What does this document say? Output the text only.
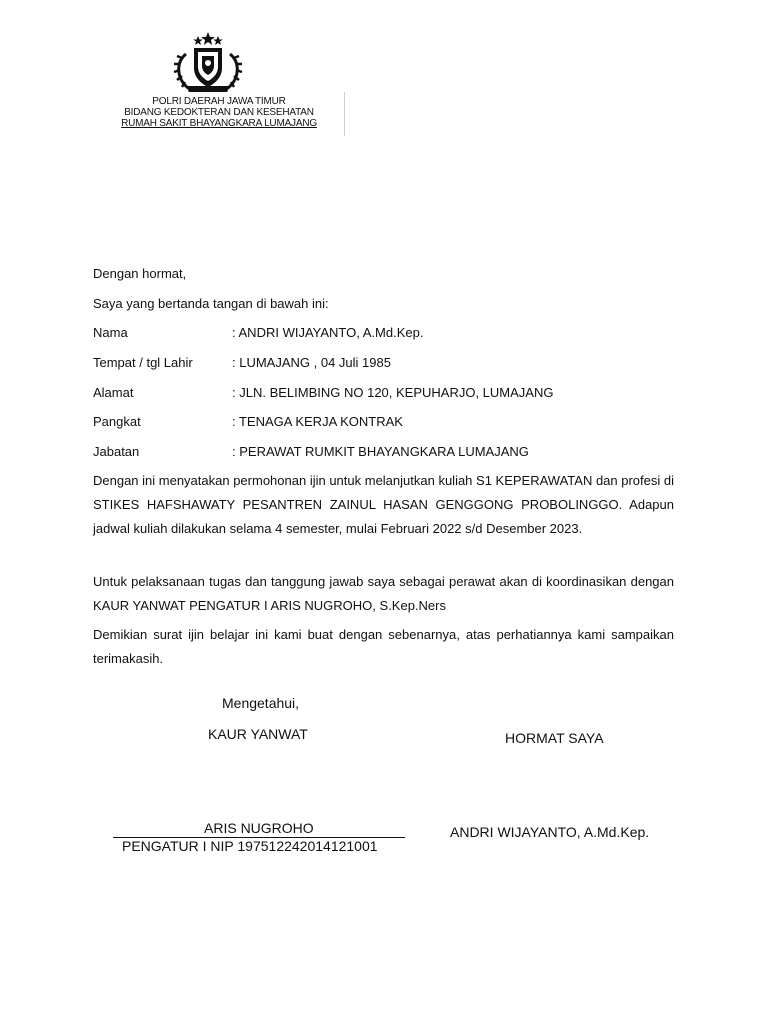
POLRI DAERAH JAWA TIMUR
BIDANG KEDOKTERAN DAN KESEHATAN
RUMAH SAKIT BHAYANGKARA LUMAJANG
Dengan hormat,
Saya yang bertanda tangan di bawah ini:
Nama	: ANDRI WIJAYANTO, A.Md.Kep.
Tempat / tgl Lahir	: LUMAJANG , 04 Juli 1985
Alamat	: JLN. BELIMBING NO 120, KEPUHARJO, LUMAJANG
Pangkat	: TENAGA KERJA KONTRAK
Jabatan	: PERAWAT RUMKIT BHAYANGKARA LUMAJANG
Dengan ini menyatakan permohonan ijin untuk melanjutkan kuliah S1 KEPERAWATAN dan profesi di STIKES HAFSHAWATY PESANTREN ZAINUL HASAN GENGGONG PROBOLINGGO. Adapun jadwal kuliah dilakukan selama 4 semester, mulai Februari 2022 s/d Desember 2023.
Untuk pelaksanaan tugas dan tanggung jawab saya sebagai perawat akan di koordinasikan dengan KAUR YANWAT PENGATUR I ARIS NUGROHO, S.Kep.Ners
Demikian surat ijin belajar ini kami buat dengan sebenarnya, atas perhatiannya kami sampaikan terimakasih.
Mengetahui,
KAUR YANWAT	HORMAT SAYA
ARIS NUGROHO
PENGATUR I NIP 197512242014121001
ANDRI WIJAYANTO, A.Md.Kep.
